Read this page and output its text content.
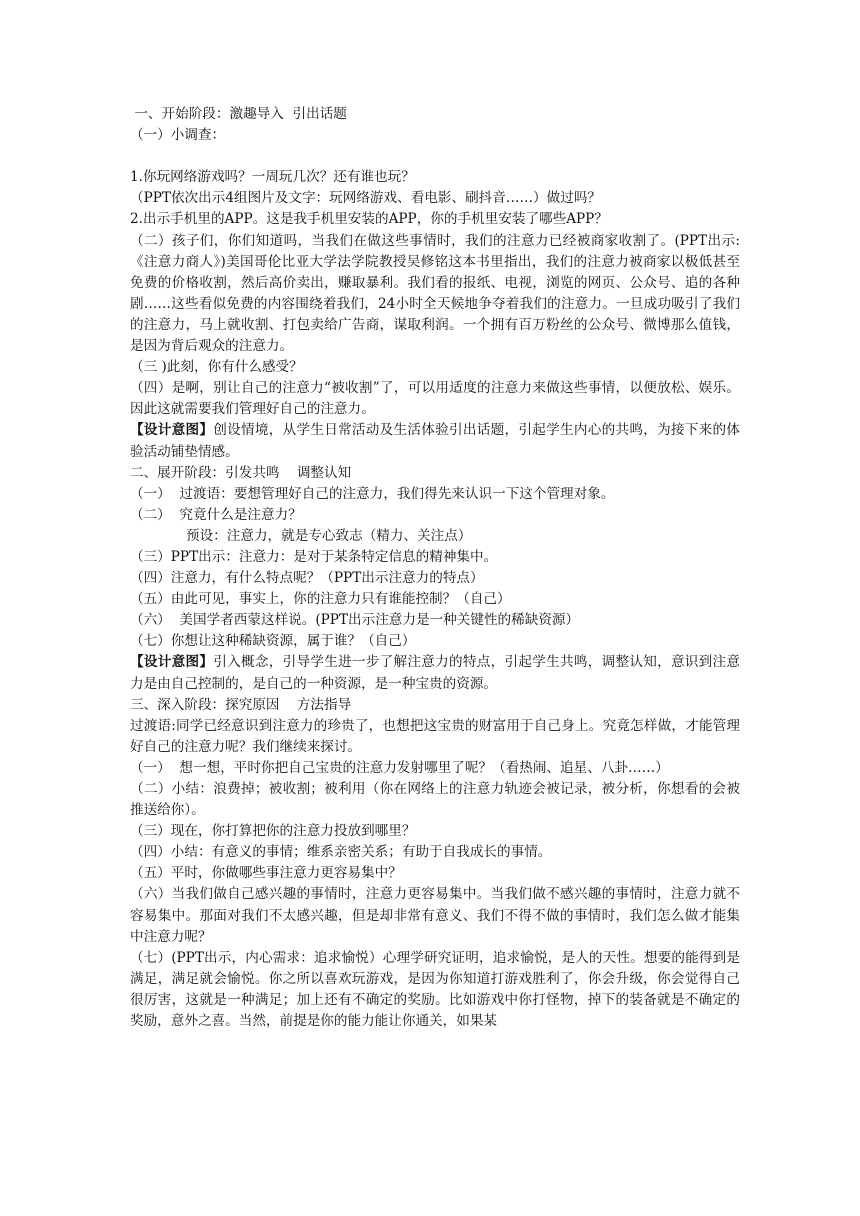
一、开始阶段：激趣导入  引出话题
（一）小调查：
1.你玩网络游戏吗？一周玩几次？还有谁也玩？
（PPT依次出示4组图片及文字：玩网络游戏、看电影、刷抖音……）做过吗？
2.出示手机里的APP。这是我手机里安装的APP，你的手机里安装了哪些APP？
（二）孩子们，你们知道吗，当我们在做这些事情时，我们的注意力已经被商家收割了。(PPT出示:《注意力商人》)美国哥伦比亚大学法学院教授吴修铭这本书里指出，我们的注意力被商家以极低甚至免费的价格收割，然后高价卖出，赚取暴利。我们看的报纸、电视，浏览的网页、公众号、追的各种剧……这些看似免费的内容围绕着我们，24小时全天候地争夺着我们的注意力。一旦成功吸引了我们的注意力，马上就收割、打包卖给广告商，谋取利润。一个拥有百万粉丝的公众号、微博那么值钱，是因为背后观众的注意力。
（三 )此刻，你有什么感受？
（四）是啊，别让自己的注意力“被收割”了，可以用适度的注意力来做这些事情，以便放松、娱乐。因此这就需要我们管理好自己的注意力。
【设计意图】创设情境，从学生日常活动及生活体验引出话题，引起学生内心的共鸣，为接下来的体验活动铺垫情感。
二、展开阶段：引发共鸣    调整认知
（一）  过渡语：要想管理好自己的注意力，我们得先来认识一下这个管理对象。
（二）  究竟什么是注意力？
预设：注意力，就是专心致志（精力、关注点）
（三）PPT出示：注意力：是对于某条特定信息的精神集中。
（四）注意力，有什么特点呢？（PPT出示注意力的特点）
（五）由此可见，事实上，你的注意力只有谁能控制？（自己）
（六）  美国学者西蒙这样说。(PPT出示注意力是一种关键性的稀缺资源）
（七）你想让这种稀缺资源，属于谁？（自己）
【设计意图】引入概念，引导学生进一步了解注意力的特点，引起学生共鸣，调整认知，意识到注意力是由自己控制的，是自己的一种资源，是一种宝贵的资源。
三、深入阶段：探究原因    方法指导
过渡语:同学已经意识到注意力的珍贵了，也想把这宝贵的财富用于自己身上。究竟怎样做，才能管理好自己的注意力呢？我们继续来探讨。
（一）  想一想，平时你把自己宝贵的注意力发射哪里了呢？（看热闹、追星、八卦……）
（二）小结：浪费掉；被收割；被利用（你在网络上的注意力轨迹会被记录，被分析，你想看的会被推送给你）。
（三）现在，你打算把你的注意力投放到哪里？
（四）小结：有意义的事情；维系亲密关系；有助于自我成长的事情。
（五）平时，你做哪些事注意力更容易集中？
（六）当我们做自己感兴趣的事情时，注意力更容易集中。当我们做不感兴趣的事情时，注意力就不容易集中。那面对我们不太感兴趣，但是却非常有意义、我们不得不做的事情时，我们怎么做才能集中注意力呢？
（七）(PPT出示，内心需求：追求愉悦）心理学研究证明，追求愉悦，是人的天性。想要的能得到是满足，满足就会愉悦。你之所以喜欢玩游戏，是因为你知道打游戏胜利了，你会升级，你会觉得自己很厉害，这就是一种满足；加上还有不确定的奖励。比如游戏中你打怪物，掉下的装备就是不确定的奖励，意外之喜。当然，前提是你的能力能让你通关，如果某
